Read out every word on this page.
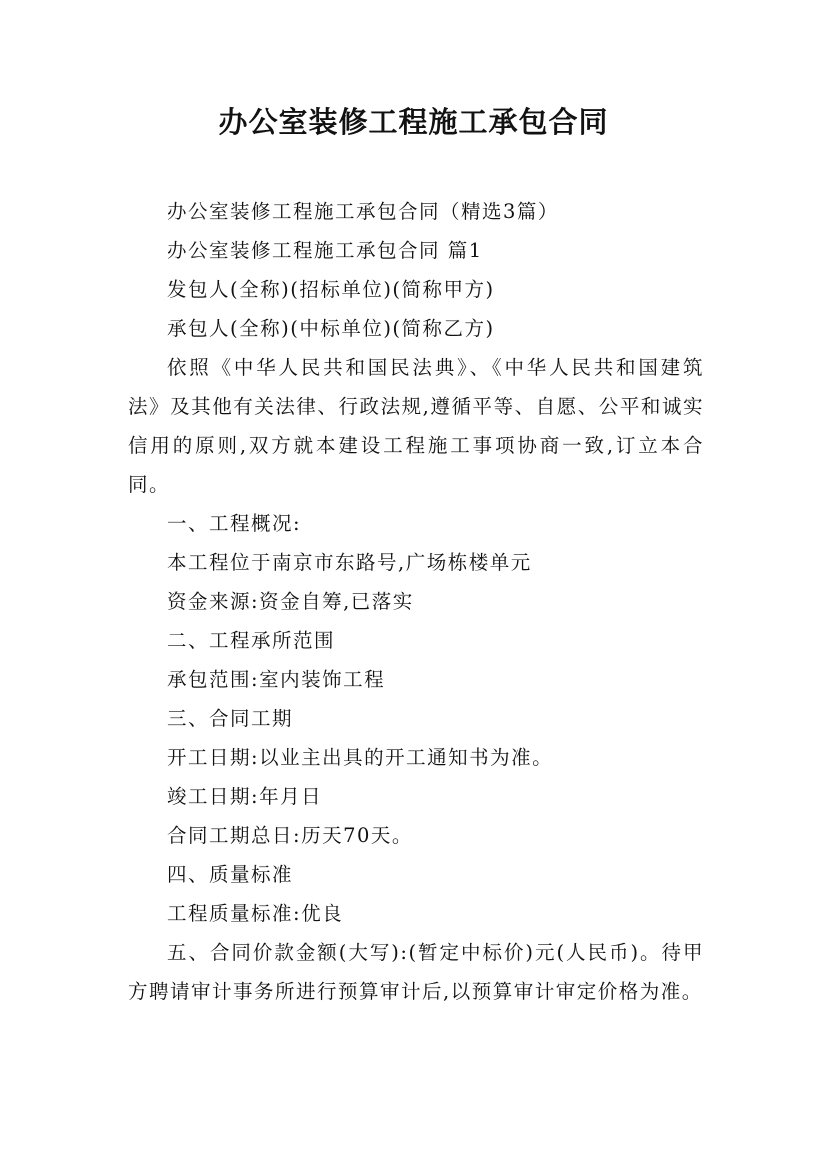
办公室装修工程施工承包合同

办公室装修工程施工承包合同（精选3篇）

办公室装修工程施工承包合同 篇1

发包人(全称)(招标单位)(简称甲方)

承包人(全称)(中标单位)(简称乙方)

依照《中华人民共和国民法典》、《中华人民共和国建筑法》及其他有关法律、行政法规,遵循平等、自愿、公平和诚实信用的原则,双方就本建设工程施工事项协商一致,订立本合同。

一、工程概况:

本工程位于南京市东路号,广场栋楼单元

资金来源:资金自筹,已落实

二、工程承所范围

承包范围:室内装饰工程

三、合同工期

开工日期:以业主出具的开工通知书为准。

竣工日期:年月日

合同工期总日:历天70天。

四、质量标准

工程质量标准:优良

五、合同价款金额(大写):(暂定中标价)元(人民币)。待甲方聘请审计事务所进行预算审计后,以预算审计审定价格为准。
